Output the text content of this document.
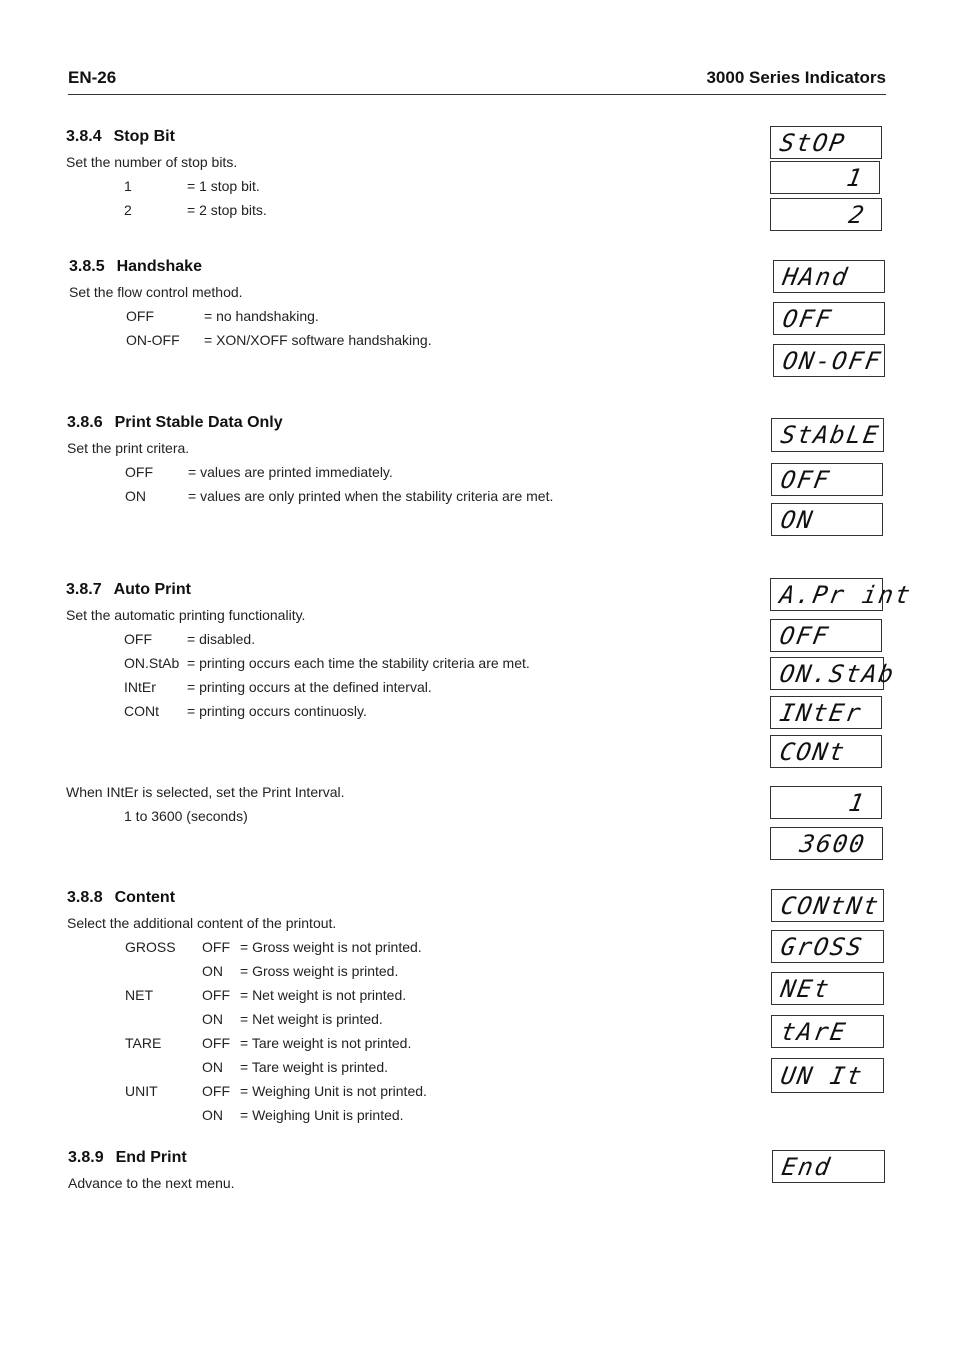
EN-26	3000 Series Indicators
3.8.4 Stop Bit
Set the number of stop bits.
1	= 1 stop bit.
2	= 2 stop bits.
StOP
1
2
3.8.5 Handshake
Set the flow control method.
OFF	= no handshaking.
ON-OFF = XON/XOFF software handshaking.
HAnd
OFF
ON-OFF
3.8.6 Print Stable Data Only
Set the print critera.
OFF	= values are printed immediately.
ON	= values are only printed when the stability criteria are met.
StAbLE
OFF
ON
3.8.7 Auto Print
Set the automatic printing functionality.
OFF	= disabled.
ON.StAb = printing occurs each time the stability criteria are met.
INtEr = printing occurs at the defined interval.
CONt = printing occurs continuosly.
A.Pr int
OFF
ON.StAb
INtEr
CONt
When INtEr is selected, set the Print Interval.
1 to 3600 (seconds)	1
3600
3.8.8 Content
Select the additional content of the printout.
GROSS OFF = Gross weight is not printed.
ON = Gross weight is printed.
NET	OFF = Net weight is not printed.
ON = Net weight is printed.
TARE	OFF = Tare weight is not printed.
ON = Tare weight is printed.
UNIT	OFF = Weighing Unit is not printed.
ON = Weighing Unit is printed.
CONtNt
GrOSS
NEt
tArE
UN It
3.8.9 End Print
Advance to the next menu.
End
